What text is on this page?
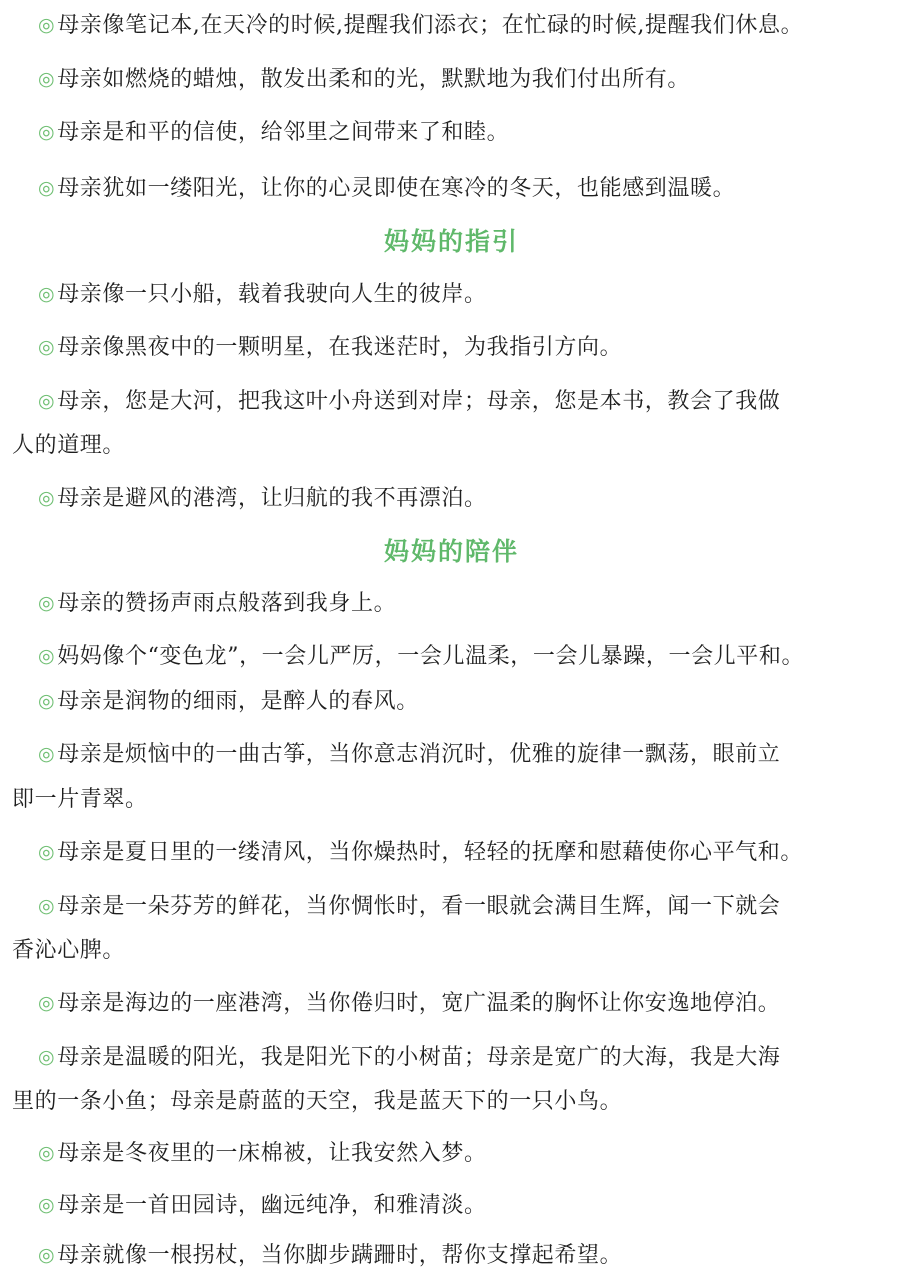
◎母亲像笔记本,在天冷的时候,提醒我们添衣；在忙碌的时候,提醒我们休息。
◎母亲如燃烧的蜡烛，散发出柔和的光，默默地为我们付出所有。
◎母亲是和平的信使，给邻里之间带来了和睦。
◎母亲犹如一缕阳光，让你的心灵即使在寒冷的冬天，也能感到温暖。
妈妈的指引
◎母亲像一只小船，载着我驶向人生的彼岸。
◎母亲像黑夜中的一颗明星，在我迷茫时，为我指引方向。
◎母亲，您是大河，把我这叶小舟送到对岸；母亲，您是本书，教会了我做
人的道理。
◎母亲是避风的港湾，让归航的我不再漂泊。
妈妈的陪伴
◎母亲的赞扬声雨点般落到我身上。
◎妈妈像个“变色龙”，一会儿严厉，一会儿温柔，一会儿暴躁，一会儿平和。
◎母亲是润物的细雨，是醉人的春风。
◎母亲是烦恼中的一曲古筝，当你意志消沉时，优雅的旋律一飘荡，眼前立
即一片青翠。
◎母亲是夏日里的一缕清风，当你燥热时，轻轻的抚摩和慰藉使你心平气和。
◎母亲是一朵芬芳的鲜花，当你惆怅时，看一眼就会满目生辉，闻一下就会
香沁心脾。
◎母亲是海边的一座港湾，当你倦归时，宽广温柔的胸怀让你安逸地停泊。
◎母亲是温暖的阳光，我是阳光下的小树苗；母亲是宽广的大海，我是大海
里的一条小鱼；母亲是蔚蓝的天空，我是蓝天下的一只小鸟。
◎母亲是冬夜里的一床棉被，让我安然入梦。
◎母亲是一首田园诗，幽远纯净，和雅清淡。
◎母亲就像一根拐杖，当你脚步蹒跚时，帮你支撑起希望。
